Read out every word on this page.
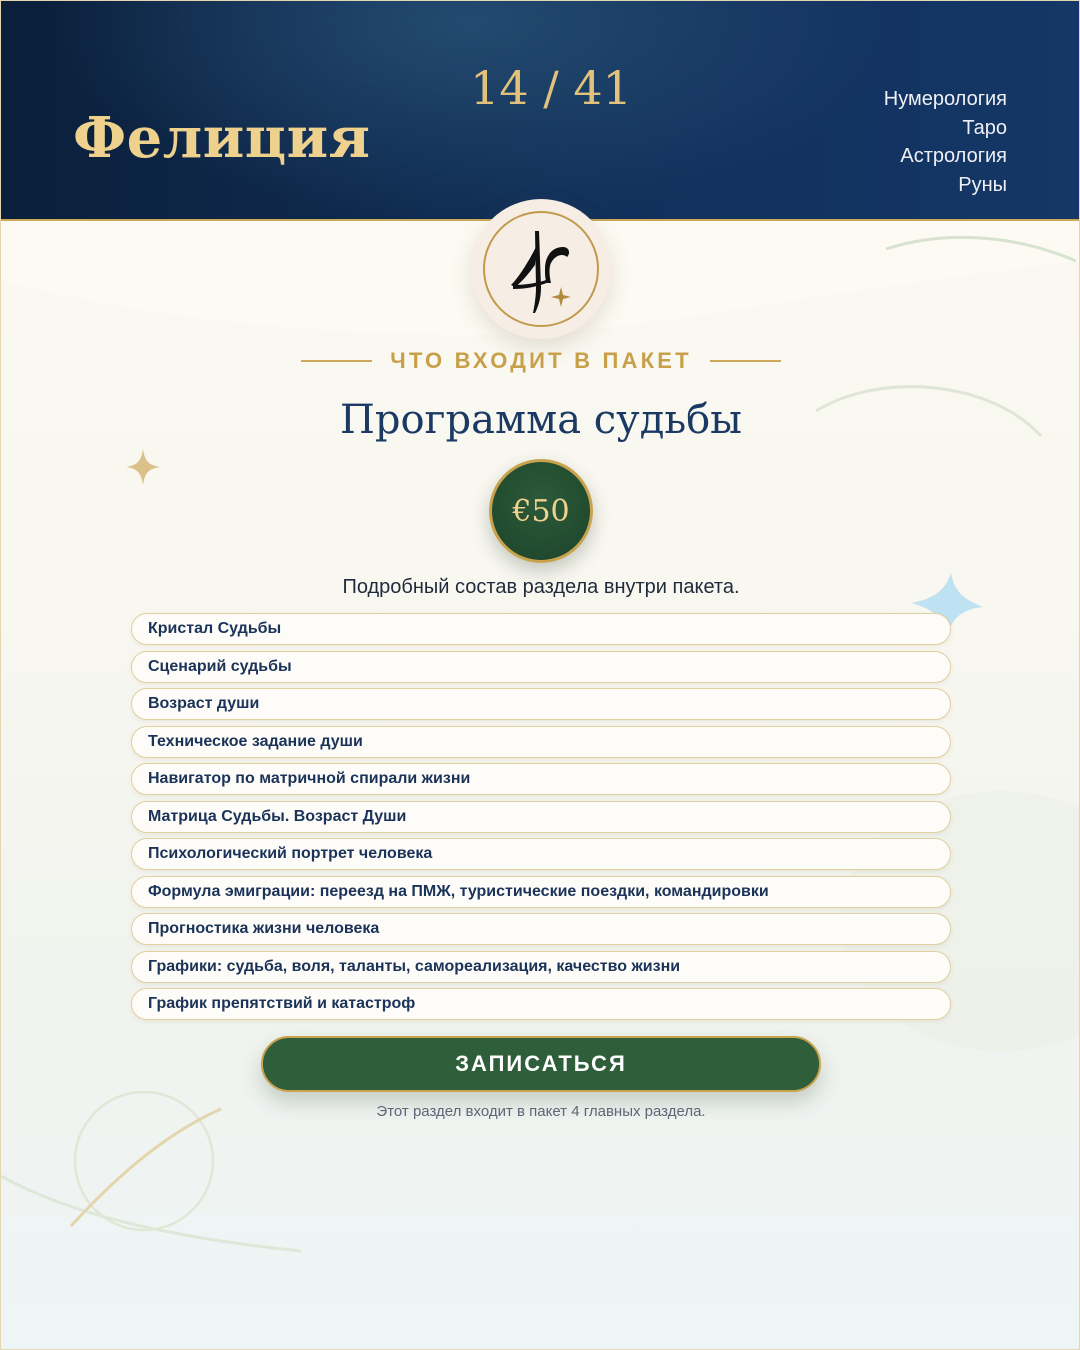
Фелиция
14 / 41	Нумерология
Таро
Астрология
Руны
ЧТО ВХОДИТ В ПАКЕТ
Программа судьбы
€50
Подробный состав раздела внутри пакета.
Кристал Судьбы
Сценарий судьбы
Возраст души
Техническое задание души
Навигатор по матричной спирали жизни
Матрица Судьбы. Возраст Души
Психологический портрет человека
Формула эмиграции: переезд на ПМЖ, туристические поездки, командировки
Прогностика жизни человека
Графики: судьба, воля, таланты, самореализация, качество жизни
График препятствий и катастроф
ЗАПИСАТЬСЯ
Этот раздел входит в пакет 4 главных раздела.
